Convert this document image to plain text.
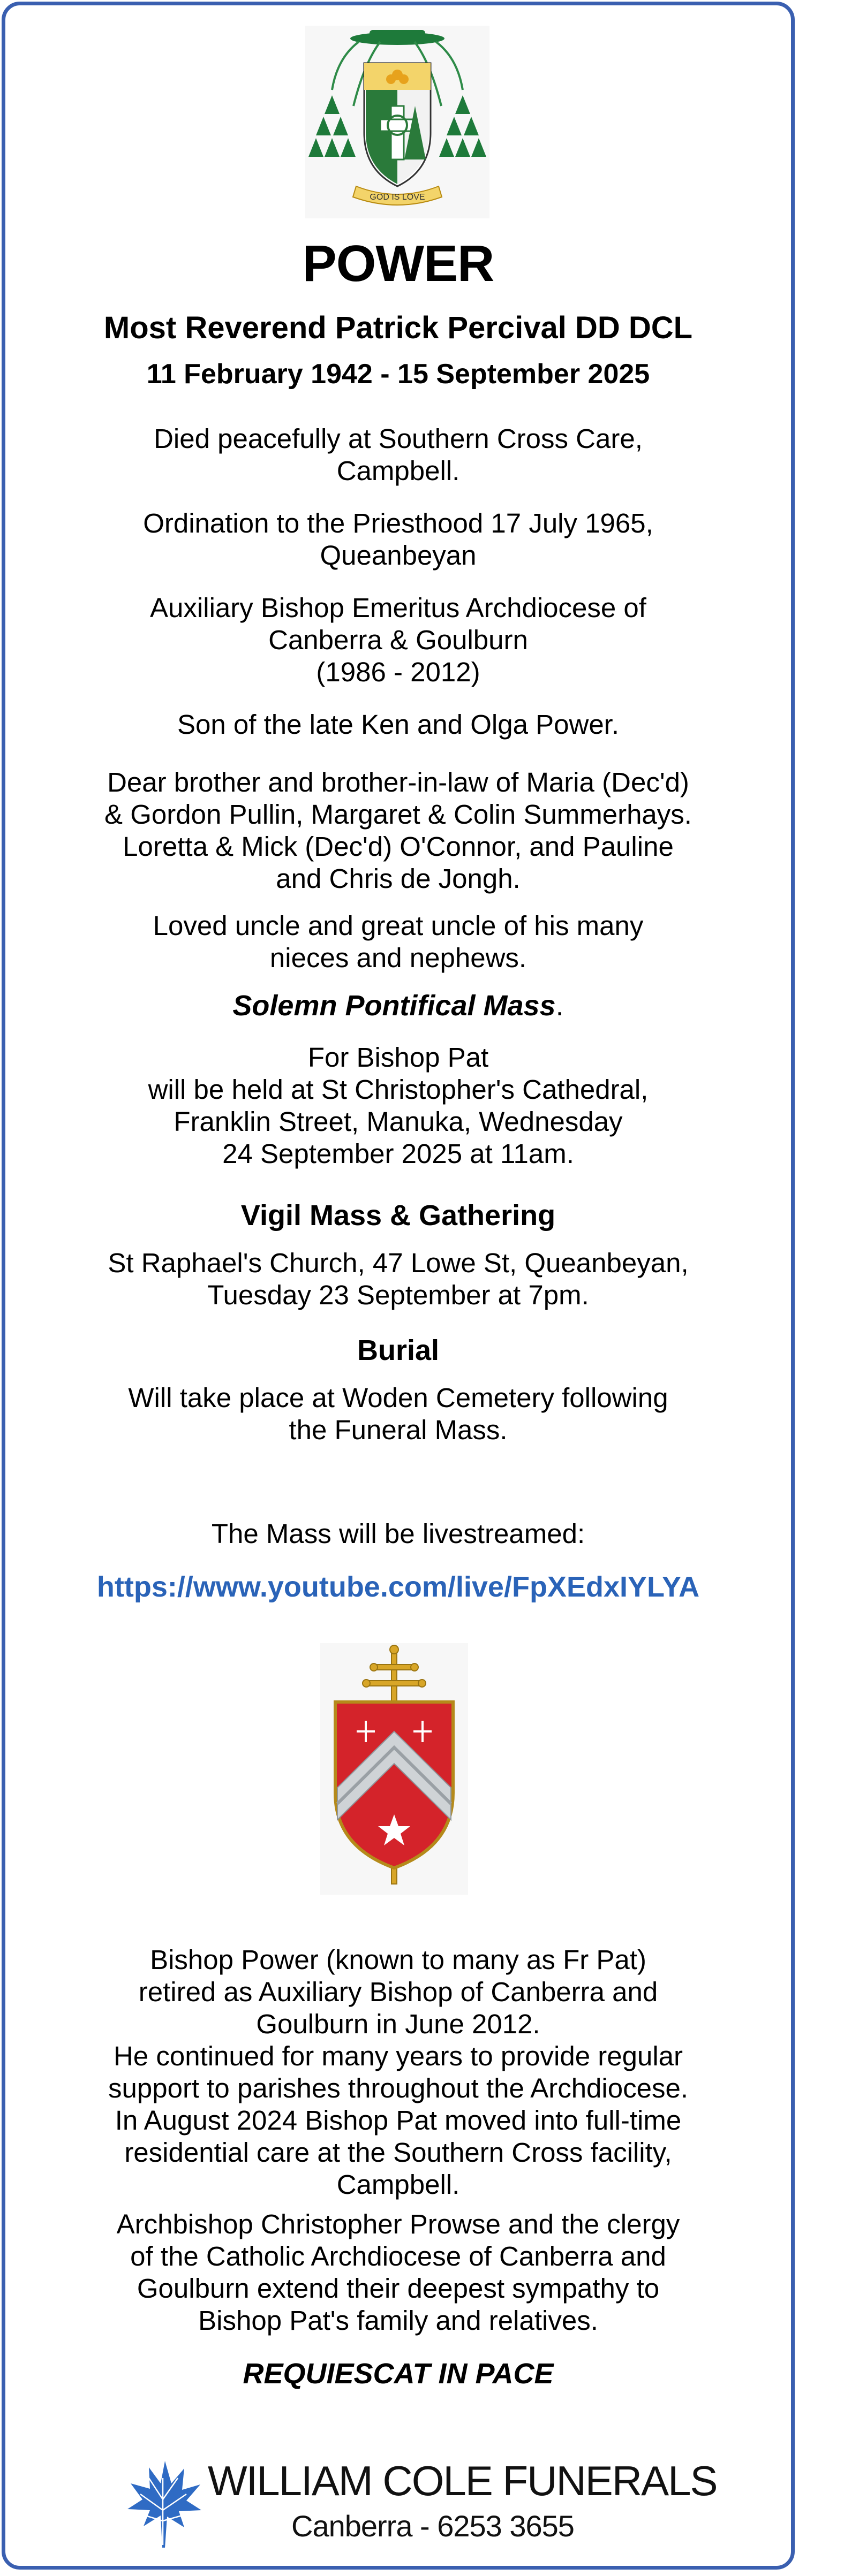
GOD IS LOVE
POWER
Most Reverend Patrick Percival DD DCL
11 February 1942 - 15 September 2025
Died peacefully at Southern Cross Care,
Campbell.
Ordination to the Priesthood 17 July 1965,
Queanbeyan
Auxiliary Bishop Emeritus Archdiocese of
Canberra & Goulburn
(1986 - 2012)
Son of the late Ken and Olga Power.
Dear brother and brother-in-law of Maria (Dec'd)
& Gordon Pullin, Margaret & Colin Summerhays.
Loretta & Mick (Dec'd) O'Connor, and Pauline
and Chris de Jongh.
Loved uncle and great uncle of his many
nieces and nephews.
Solemn Pontifical Mass.
For Bishop Pat
will be held at St Christopher's Cathedral,
Franklin Street, Manuka, Wednesday
24 September 2025 at 11am.
Vigil Mass & Gathering
St Raphael's Church, 47 Lowe St, Queanbeyan,
Tuesday 23 September at 7pm.
Burial
Will take place at Woden Cemetery following
the Funeral Mass.
The Mass will be livestreamed:
https://www.youtube.com/live/FpXEdxIYLYA
Bishop Power (known to many as Fr Pat)
retired as Auxiliary Bishop of Canberra and
Goulburn in June 2012.
He continued for many years to provide regular
support to parishes throughout the Archdiocese.
In August 2024 Bishop Pat moved into full-time
residential care at the Southern Cross facility,
Campbell.
Archbishop Christopher Prowse and the clergy
of the Catholic Archdiocese of Canberra and
Goulburn extend their deepest sympathy to
Bishop Pat's family and relatives.
REQUIESCAT IN PACE
WILLIAM COLE FUNERALS
Canberra - 6253 3655
